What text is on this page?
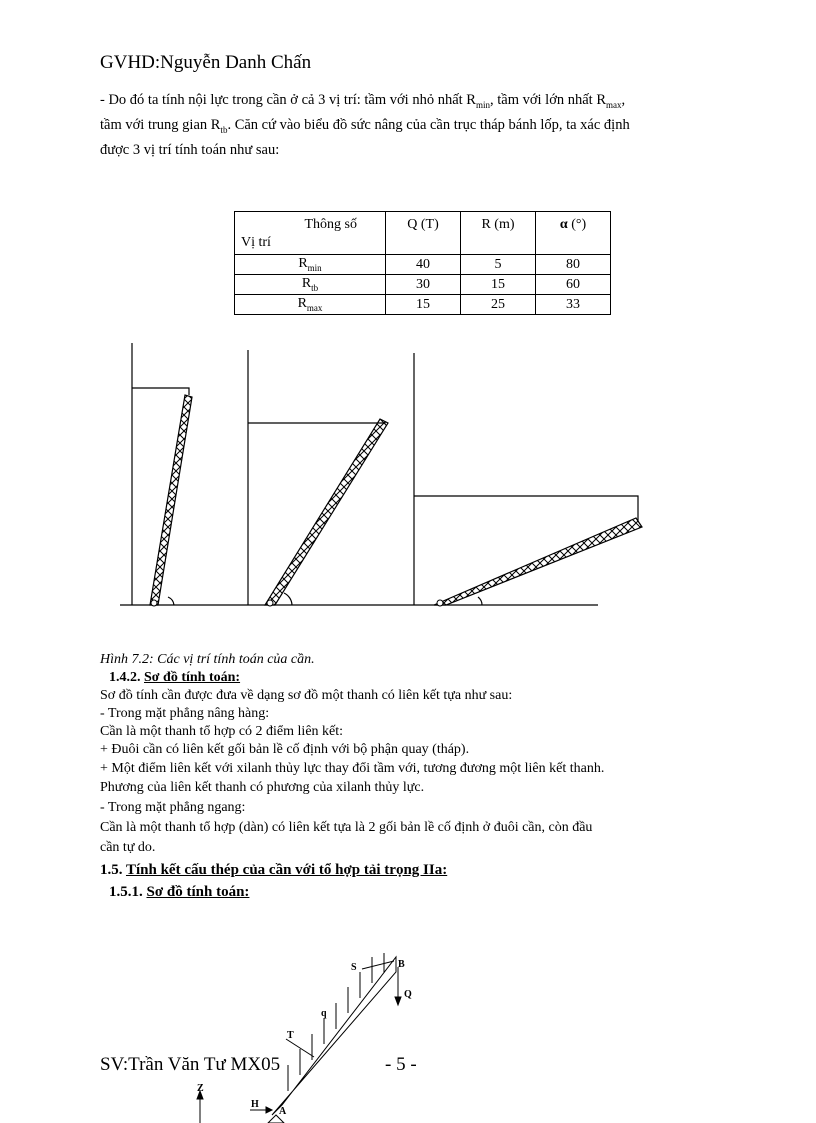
GVHD:Nguyễn Danh Chấn
- Do đó ta tính nội lực trong cần ở cả 3 vị trí: tầm với nhỏ nhất $R_{min}$, tầm với lớn nhất $R_{max}$,
tầm với trung gian $R_{tb}$. Căn cứ vào biểu đồ sức nâng của cần trục tháp bánh lốp, ta xác định
được 3 vị trí tính toán như sau:
Thông số
Vị trí	Q (T)	R (m)	α (°)

$R_{min}$	40	5	80
$R_{tb}$	30	15	60
$R_{max}$	15	25	33
Hình 7.2: Các vị trí tính toán của cần.
1.4.2. Sơ đồ tính toán:
Sơ đồ tính cần được đưa về dạng sơ đồ một thanh có liên kết tựa như sau:
- Trong mặt phẳng nâng hàng:
Cần là một thanh tổ hợp có 2 điểm liên kết:
+ Đuôi cần có liên kết gối bản lề cố định với bộ phận quay (tháp).
+ Một điểm liên kết với xilanh thủy lực thay đổi tầm với, tương đương một liên kết thanh.
Phương của liên kết thanh có phương của xilanh thủy lực.
- Trong mặt phẳng ngang:
Cần là một thanh tổ hợp (dàn) có liên kết tựa là 2 gối bản lề cố định ở đuôi cần, còn đầu
cần tự do.
1.5. Tính kết cấu thép của cần với tổ hợp tải trọng IIa:
1.5.1. Sơ đồ tính toán:
S	B
Q
q
T
Z
H
A
SV:Trần Văn Tư MX05	- 5 -
